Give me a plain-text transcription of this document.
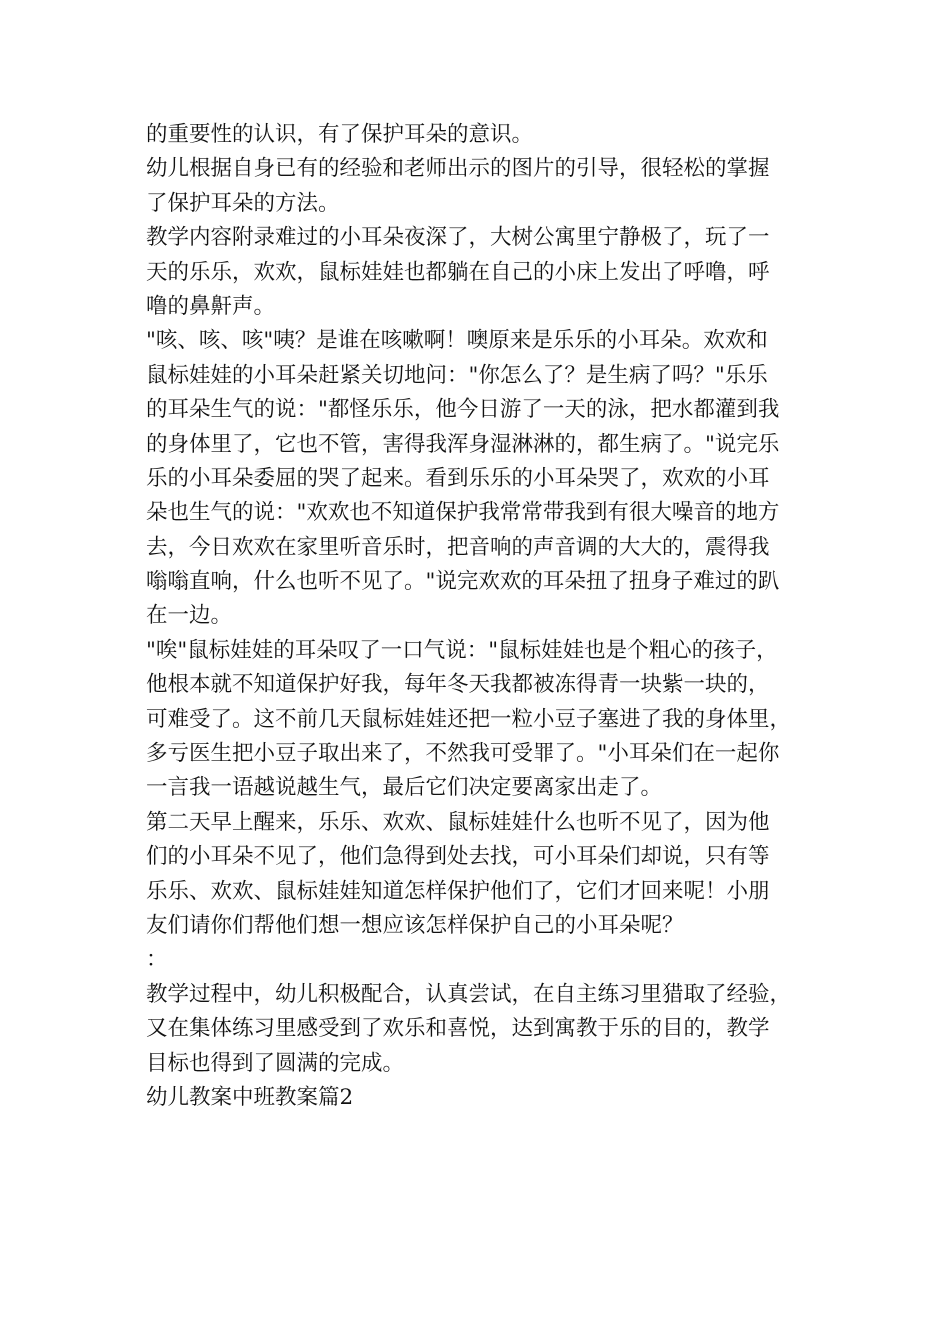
的重要性的认识，有了保护耳朵的意识。
幼儿根据自身已有的经验和老师出示的图片的引导，很轻松的掌握
了保护耳朵的方法。
教学内容附录难过的小耳朵夜深了，大树公寓里宁静极了，玩了一
天的乐乐，欢欢，鼠标娃娃也都躺在自己的小床上发出了呼噜，呼
噜的鼻鼾声。
"咳、咳、咳"咦？是谁在咳嗽啊！噢原来是乐乐的小耳朵。欢欢和
鼠标娃娃的小耳朵赶紧关切地问："你怎么了？是生病了吗？"乐乐
的耳朵生气的说："都怪乐乐，他今日游了一天的泳，把水都灌到我
的身体里了，它也不管，害得我浑身湿淋淋的，都生病了。"说完乐
乐的小耳朵委屈的哭了起来。看到乐乐的小耳朵哭了，欢欢的小耳
朵也生气的说："欢欢也不知道保护我常常带我到有很大噪音的地方
去，今日欢欢在家里听音乐时，把音响的声音调的大大的，震得我
嗡嗡直响，什么也听不见了。"说完欢欢的耳朵扭了扭身子难过的趴
在一边。
"唉"鼠标娃娃的耳朵叹了一口气说："鼠标娃娃也是个粗心的孩子，
他根本就不知道保护好我，每年冬天我都被冻得青一块紫一块的，
可难受了。这不前几天鼠标娃娃还把一粒小豆子塞进了我的身体里，
多亏医生把小豆子取出来了，不然我可受罪了。"小耳朵们在一起你
一言我一语越说越生气，最后它们决定要离家出走了。
第二天早上醒来，乐乐、欢欢、鼠标娃娃什么也听不见了，因为他
们的小耳朵不见了，他们急得到处去找，可小耳朵们却说，只有等
乐乐、欢欢、鼠标娃娃知道怎样保护他们了，它们才回来呢！小朋
友们请你们帮他们想一想应该怎样保护自己的小耳朵呢？
：
教学过程中，幼儿积极配合，认真尝试，在自主练习里猎取了经验，
又在集体练习里感受到了欢乐和喜悦，达到寓教于乐的目的，教学
目标也得到了圆满的完成。
幼儿教案中班教案篇2
